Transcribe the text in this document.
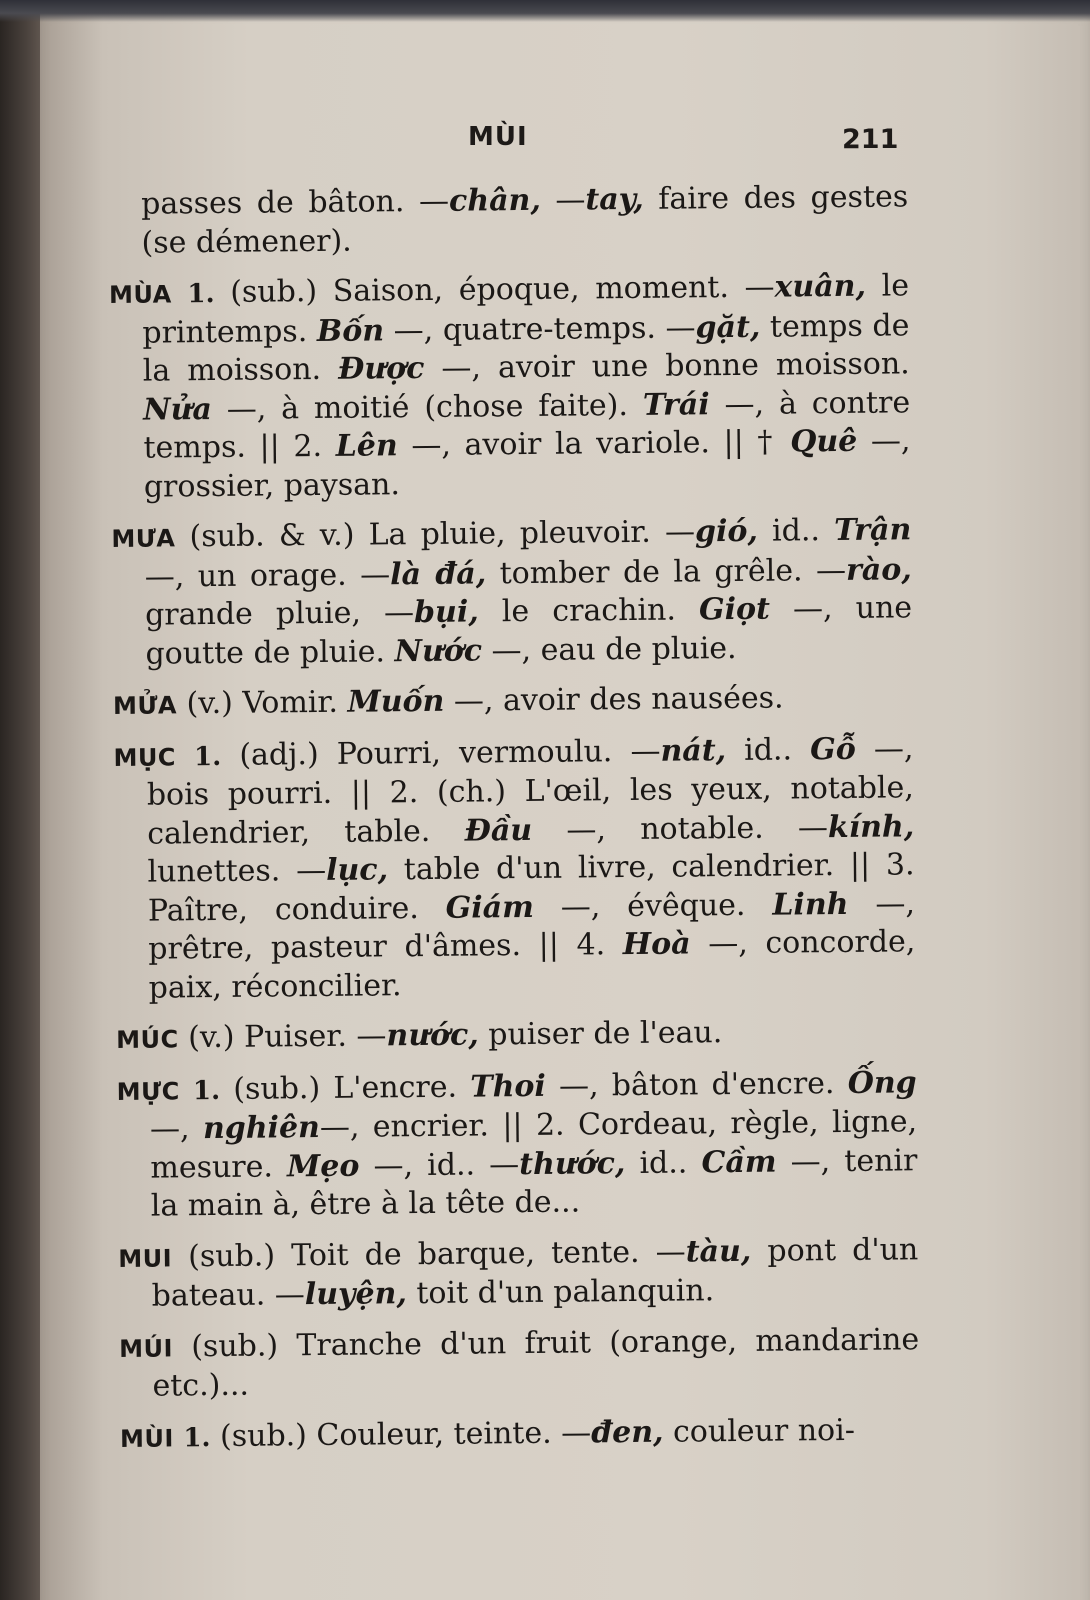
MÙI	211

passes de bâton. —chân, —tay, faire des gestes (se démener).

MÙA 1. (sub.) Saison, époque, moment. —xuân, le printemps. Bốn —, quatre-temps. —gặt, temps de la moisson. Được —, avoir une bonne moisson. Nửa —, à moitié (chose faite). Trái —, à contre temps. || 2. Lên —, avoir la variole. || † Quê —, grossier, paysan.

MƯA (sub. & v.) La pluie, pleuvoir. —gió, id.. Trận —, un orage. —là đá, tomber de la grêle. —rào, grande pluie, —bụi, le crachin. Giọt —, une goutte de pluie. Nước —, eau de pluie.

MỬA (v.) Vomir. Muốn —, avoir des nausées.

MỤC 1. (adj.) Pourri, vermoulu. —nát, id.. Gỗ —, bois pourri. || 2. (ch.) L'œil, les yeux, notable, calendrier, table. Đầu —, notable. —kính, lunettes. —lục, table d'un livre, calendrier. || 3. Paître, conduire. Giám —, évêque. Linh —, prêtre, pasteur d'âmes. || 4. Hoà —, concorde, paix, réconcilier.

MÚC (v.) Puiser. —nước, puiser de l'eau.

MỰC 1. (sub.) L'encre. Thoi —, bâton d'encre. Ống —, nghiên—, encrier. || 2. Cordeau, règle, ligne, mesure. Mẹo —, id.. —thước, id.. Cầm —, tenir la main à, être à la tête de...

MUI (sub.) Toit de barque, tente. —tàu, pont d'un bateau. —luyện, toit d'un palanquin.

MÚI (sub.) Tranche d'un fruit (orange, mandarine etc.)...

MÙI 1. (sub.) Couleur, teinte. —đen, couleur noi-
